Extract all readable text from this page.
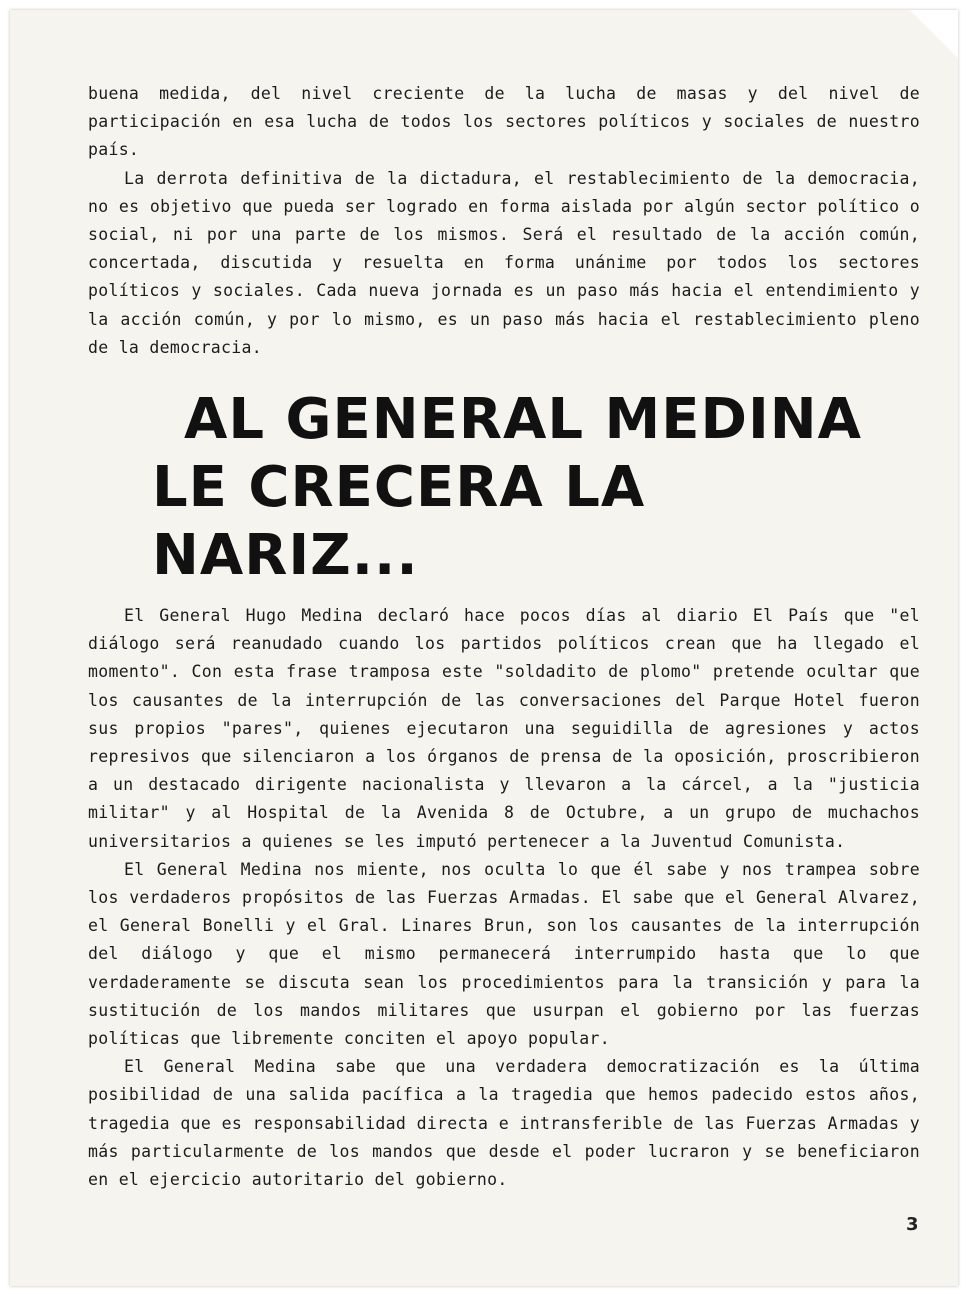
buena medida, del nivel creciente de la lucha de masas y del nivel de participación en esa lucha de todos los sectores políticos y sociales de nuestro país.

La derrota definitiva de la dictadura, el restablecimiento de la democracia, no es objetivo que pueda ser logrado en forma aislada por algún sector político o social, ni por una parte de los mismos. Será el resultado de la acción común, concertada, discutida y resuelta en forma unánime por todos los sectores políticos y sociales. Cada nueva jornada es un paso más hacia el entendimiento y la acción común, y por lo mismo, es un paso más hacia el restablecimiento pleno de la democracia.

AL GENERAL MEDINA
LE CRECERA LA NARIZ...

El General Hugo Medina declaró hace pocos días al diario El País que "el diálogo será reanudado cuando los partidos políticos crean que ha llegado el momento". Con esta frase tramposa este "soldadito de plomo" pretende ocultar que los causantes de la interrupción de las conversaciones del Parque Hotel fueron sus propios "pares", quienes ejecutaron una seguidilla de agresiones y actos represivos que silenciaron a los órganos de prensa de la oposición, proscribieron a un destacado dirigente nacionalista y llevaron a la cárcel, a la "justicia militar" y al Hospital de la Avenida 8 de Octubre, a un grupo de muchachos universitarios a quienes se les imputó pertenecer a la Juventud Comunista.

El General Medina nos miente, nos oculta lo que él sabe y nos trampea sobre los verdaderos propósitos de las Fuerzas Armadas. El sabe que el General Alvarez, el General Bonelli y el Gral. Linares Brun, son los causantes de la interrupción del diálogo y que el mismo permanecerá interrumpido hasta que lo que verdaderamente se discuta sean los procedimientos para la transición y para la sustitución de los mandos militares que usurpan el gobierno por las fuerzas políticas que libremente conciten el apoyo popular.

El General Medina sabe que una verdadera democratización es la última posibilidad de una salida pacífica a la tragedia que hemos padecido estos años, tragedia que es responsabilidad directa e intransferible de las Fuerzas Armadas y más particularmente de los mandos que desde el poder lucraron y se beneficiaron en el ejercicio autoritario del gobierno.

3
